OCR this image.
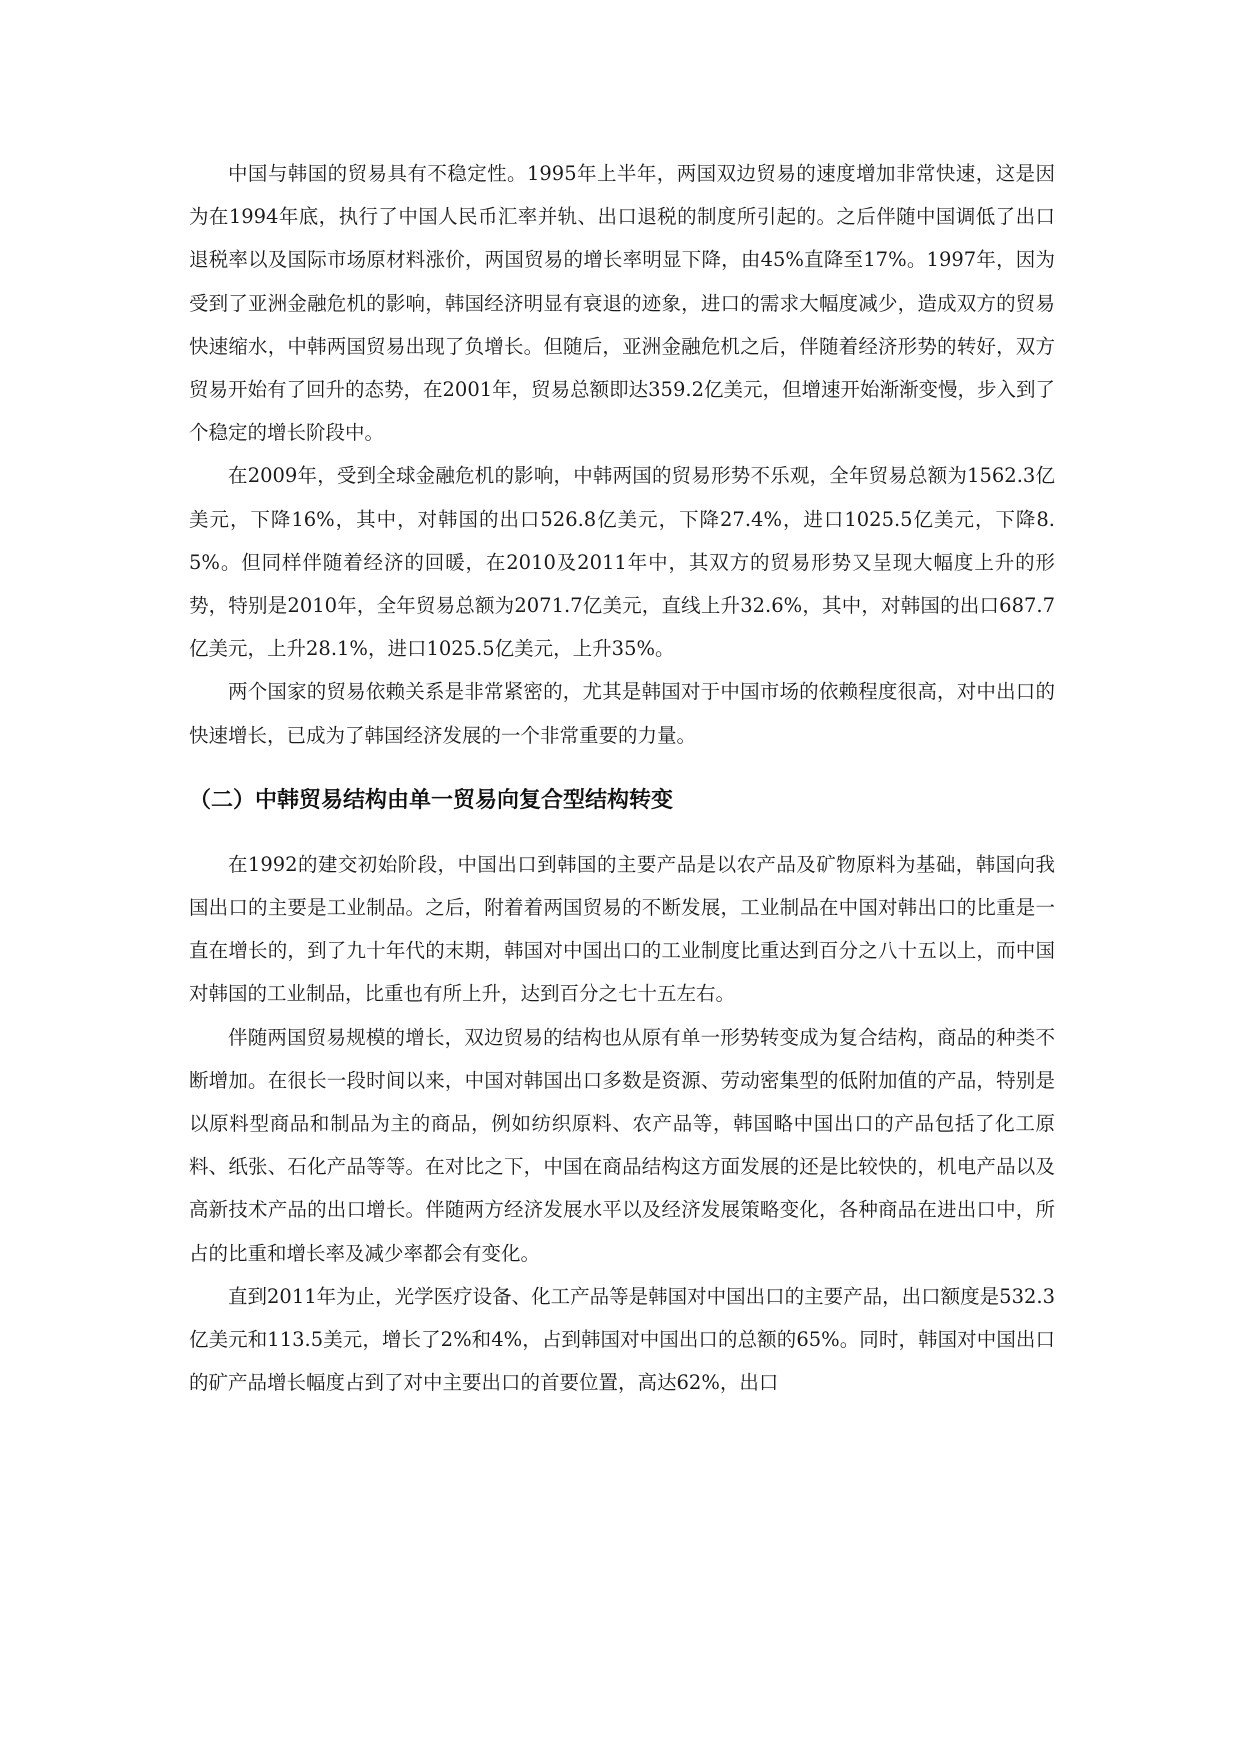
中国与韩国的贸易具有不稳定性。1995年上半年，两国双边贸易的速度增加非常快速，这是因为在1994年底，执行了中国人民币汇率并轨、出口退税的制度所引起的。之后伴随中国调低了出口退税率以及国际市场原材料涨价，两国贸易的增长率明显下降，由45%直降至17%。1997年，因为受到了亚洲金融危机的影响，韩国经济明显有衰退的迹象，进口的需求大幅度减少，造成双方的贸易快速缩水，中韩两国贸易出现了负增长。但随后，亚洲金融危机之后，伴随着经济形势的转好，双方贸易开始有了回升的态势，在2001年，贸易总额即达359.2亿美元，但增速开始渐渐变慢，步入到了个稳定的增长阶段中。

在2009年，受到全球金融危机的影响，中韩两国的贸易形势不乐观，全年贸易总额为1562.3亿美元，下降16%，其中，对韩国的出口526.8亿美元，下降27.4%，进口1025.5亿美元，下降8.5%。但同样伴随着经济的回暖，在2010及2011年中，其双方的贸易形势又呈现大幅度上升的形势，特别是2010年，全年贸易总额为2071.7亿美元，直线上升32.6%，其中，对韩国的出口687.7亿美元，上升28.1%，进口1025.5亿美元，上升35%。

两个国家的贸易依赖关系是非常紧密的，尤其是韩国对于中国市场的依赖程度很高，对中出口的快速增长，已成为了韩国经济发展的一个非常重要的力量。

（二）中韩贸易结构由单一贸易向复合型结构转变

在1992的建交初始阶段，中国出口到韩国的主要产品是以农产品及矿物原料为基础，韩国向我国出口的主要是工业制品。之后，附着着两国贸易的不断发展，工业制品在中国对韩出口的比重是一直在增长的，到了九十年代的末期，韩国对中国出口的工业制度比重达到百分之八十五以上，而中国对韩国的工业制品，比重也有所上升，达到百分之七十五左右。

伴随两国贸易规模的增长，双边贸易的结构也从原有单一形势转变成为复合结构，商品的种类不断增加。在很长一段时间以来，中国对韩国出口多数是资源、劳动密集型的低附加值的产品，特别是以原料型商品和制品为主的商品，例如纺织原料、农产品等，韩国略中国出口的产品包括了化工原料、纸张、石化产品等等。在对比之下，中国在商品结构这方面发展的还是比较快的，机电产品以及高新技术产品的出口增长。伴随两方经济发展水平以及经济发展策略变化，各种商品在进出口中，所占的比重和增长率及减少率都会有变化。

直到2011年为止，光学医疗设备、化工产品等是韩国对中国出口的主要产品，出口额度是532.3亿美元和113.5美元，增长了2%和4%，占到韩国对中国出口的总额的65%。同时，韩国对中国出口的矿产品增长幅度占到了对中主要出口的首要位置，高达62%，出口
